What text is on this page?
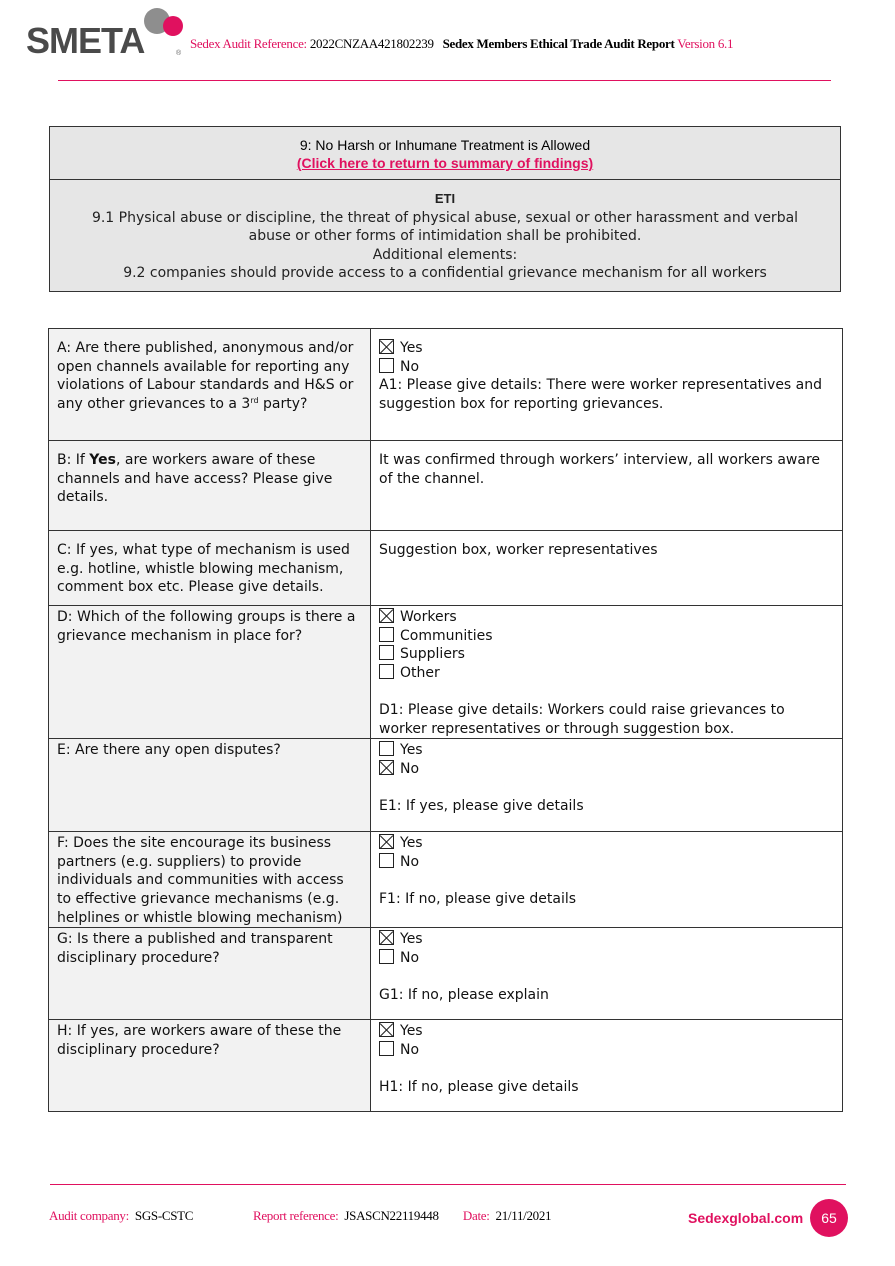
SMETA	®
Sedex Audit Reference: 2022CNZAA421802239 Sedex Members Ethical Trade Audit Report Version 6.1
9: No Harsh or Inhumane Treatment is Allowed
(Click here to return to summary of findings)
ETI
9.1 Physical abuse or discipline, the threat of physical abuse, sexual or other harassment and verbal
abuse or other forms of intimidation shall be prohibited.
Additional elements:
9.2 companies should provide access to a confidential grievance mechanism for all workers
A: Are there published, anonymous and/or open channels available for reporting any violations of Labour standards and H&S or any other grievances to a 3rd party?	Yes
No
A1: Please give details: There were worker representatives and suggestion box for reporting grievances.
B: If Yes, are workers aware of these channels and have access? Please give details.	It was confirmed through workers’ interview, all workers aware of the channel.
C: If yes, what type of mechanism is used e.g. hotline, whistle blowing mechanism, comment box etc. Please give details.	Suggestion box, worker representatives
D: Which of the following groups is there a grievance mechanism in place for?	Workers
Communities
Suppliers
Other
D1: Please give details: Workers could raise grievances to worker representatives or through suggestion box.
E: Are there any open disputes?	Yes
No
E1: If yes, please give details
F: Does the site encourage its business partners (e.g. suppliers) to provide individuals and communities with access to effective grievance mechanisms (e.g. helplines or whistle blowing mechanism)	Yes
No
F1: If no, please give details
G: Is there a published and transparent disciplinary procedure?	Yes
No
G1: If no, please explain
H: If yes, are workers aware of these the disciplinary procedure?	Yes
No
H1: If no, please give details
Audit company: SGS-CSTC	Report reference: JSASCN22119448 Date: 21/11/2021	Sedexglobal.com	65
